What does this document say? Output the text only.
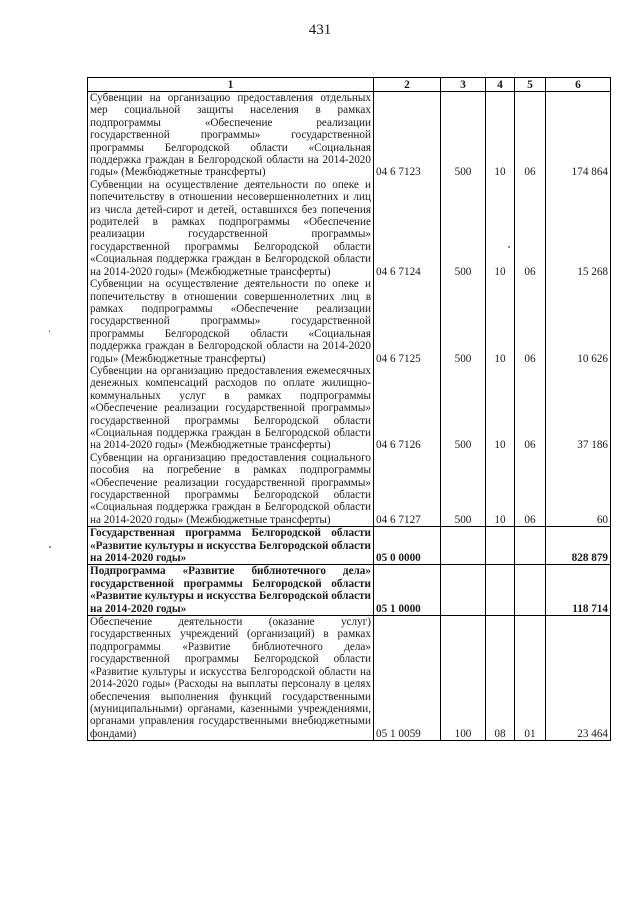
431
1	2	3	4	5	6
Субвенции на организацию предоставления отдельных мер социальной защиты населения в рамках подпрограммы «Обеспечение реализации государственной программы» государственной программы Белгородской области «Социальная поддержка граждан в Белгородской области на 2014-2020 годы» (Межбюджетные трансферты)	04 6 7123	500	10	06	174 864
Субвенции на осуществление деятельности по опеке и попечительству в отношении несовершеннолетних и лиц из числа детей-сирот и детей, оставшихся без попечения родителей в рамках подпрограммы «Обеспечение реализации государственной программы» государственной программы Белгородской области «Социальная поддержка граждан в Белгородской области на 2014-2020 годы» (Межбюджетные трансферты)	04 6 7124	500	10	06	15 268
Субвенции на осуществление деятельности по опеке и попечительству в отношении совершеннолетних лиц в рамках подпрограммы «Обеспечение реализации государственной программы» государственной программы Белгородской области «Социальная поддержка граждан в Белгородской области на 2014-2020 годы» (Межбюджетные трансферты)	04 6 7125	500	10	06	10 626
Субвенции на организацию предоставления ежемесячных денежных компенсаций расходов по оплате жилищно-коммунальных услуг в рамках подпрограммы «Обеспечение реализации государственной программы» государственной программы Белгородской области «Социальная поддержка граждан в Белгородской области на 2014-2020 годы» (Межбюджетные трансферты)	04 6 7126	500	10	06	37 186
Субвенции на организацию предоставления социального пособия на погребение в рамках подпрограммы «Обеспечение реализации государственной программы» государственной программы Белгородской области «Социальная поддержка граждан в Белгородской области на 2014-2020 годы» (Межбюджетные трансферты)	04 6 7127	500	10	06	60
Государственная программа Белгородской области «Развитие культуры и искусства Белгородской области на 2014-2020 годы»	05 0 0000				828 879
Подпрограмма «Развитие библиотечного дела» государственной программы Белгородской области «Развитие культуры и искусства Белгородской области на 2014-2020 годы»	05 1 0000				118 714
Обеспечение деятельности (оказание услуг) государственных учреждений (организаций) в рамках подпрограммы «Развитие библиотечного дела» государственной программы Белгородской области «Развитие культуры и искусства Белгородской области на 2014-2020 годы» (Расходы на выплаты персоналу в целях обеспечения выполнения функций государственными (муниципальными) органами, казенными учреждениями, органами управления государственными внебюджетными фондами)	05 1 0059	100	08	01	23 464
